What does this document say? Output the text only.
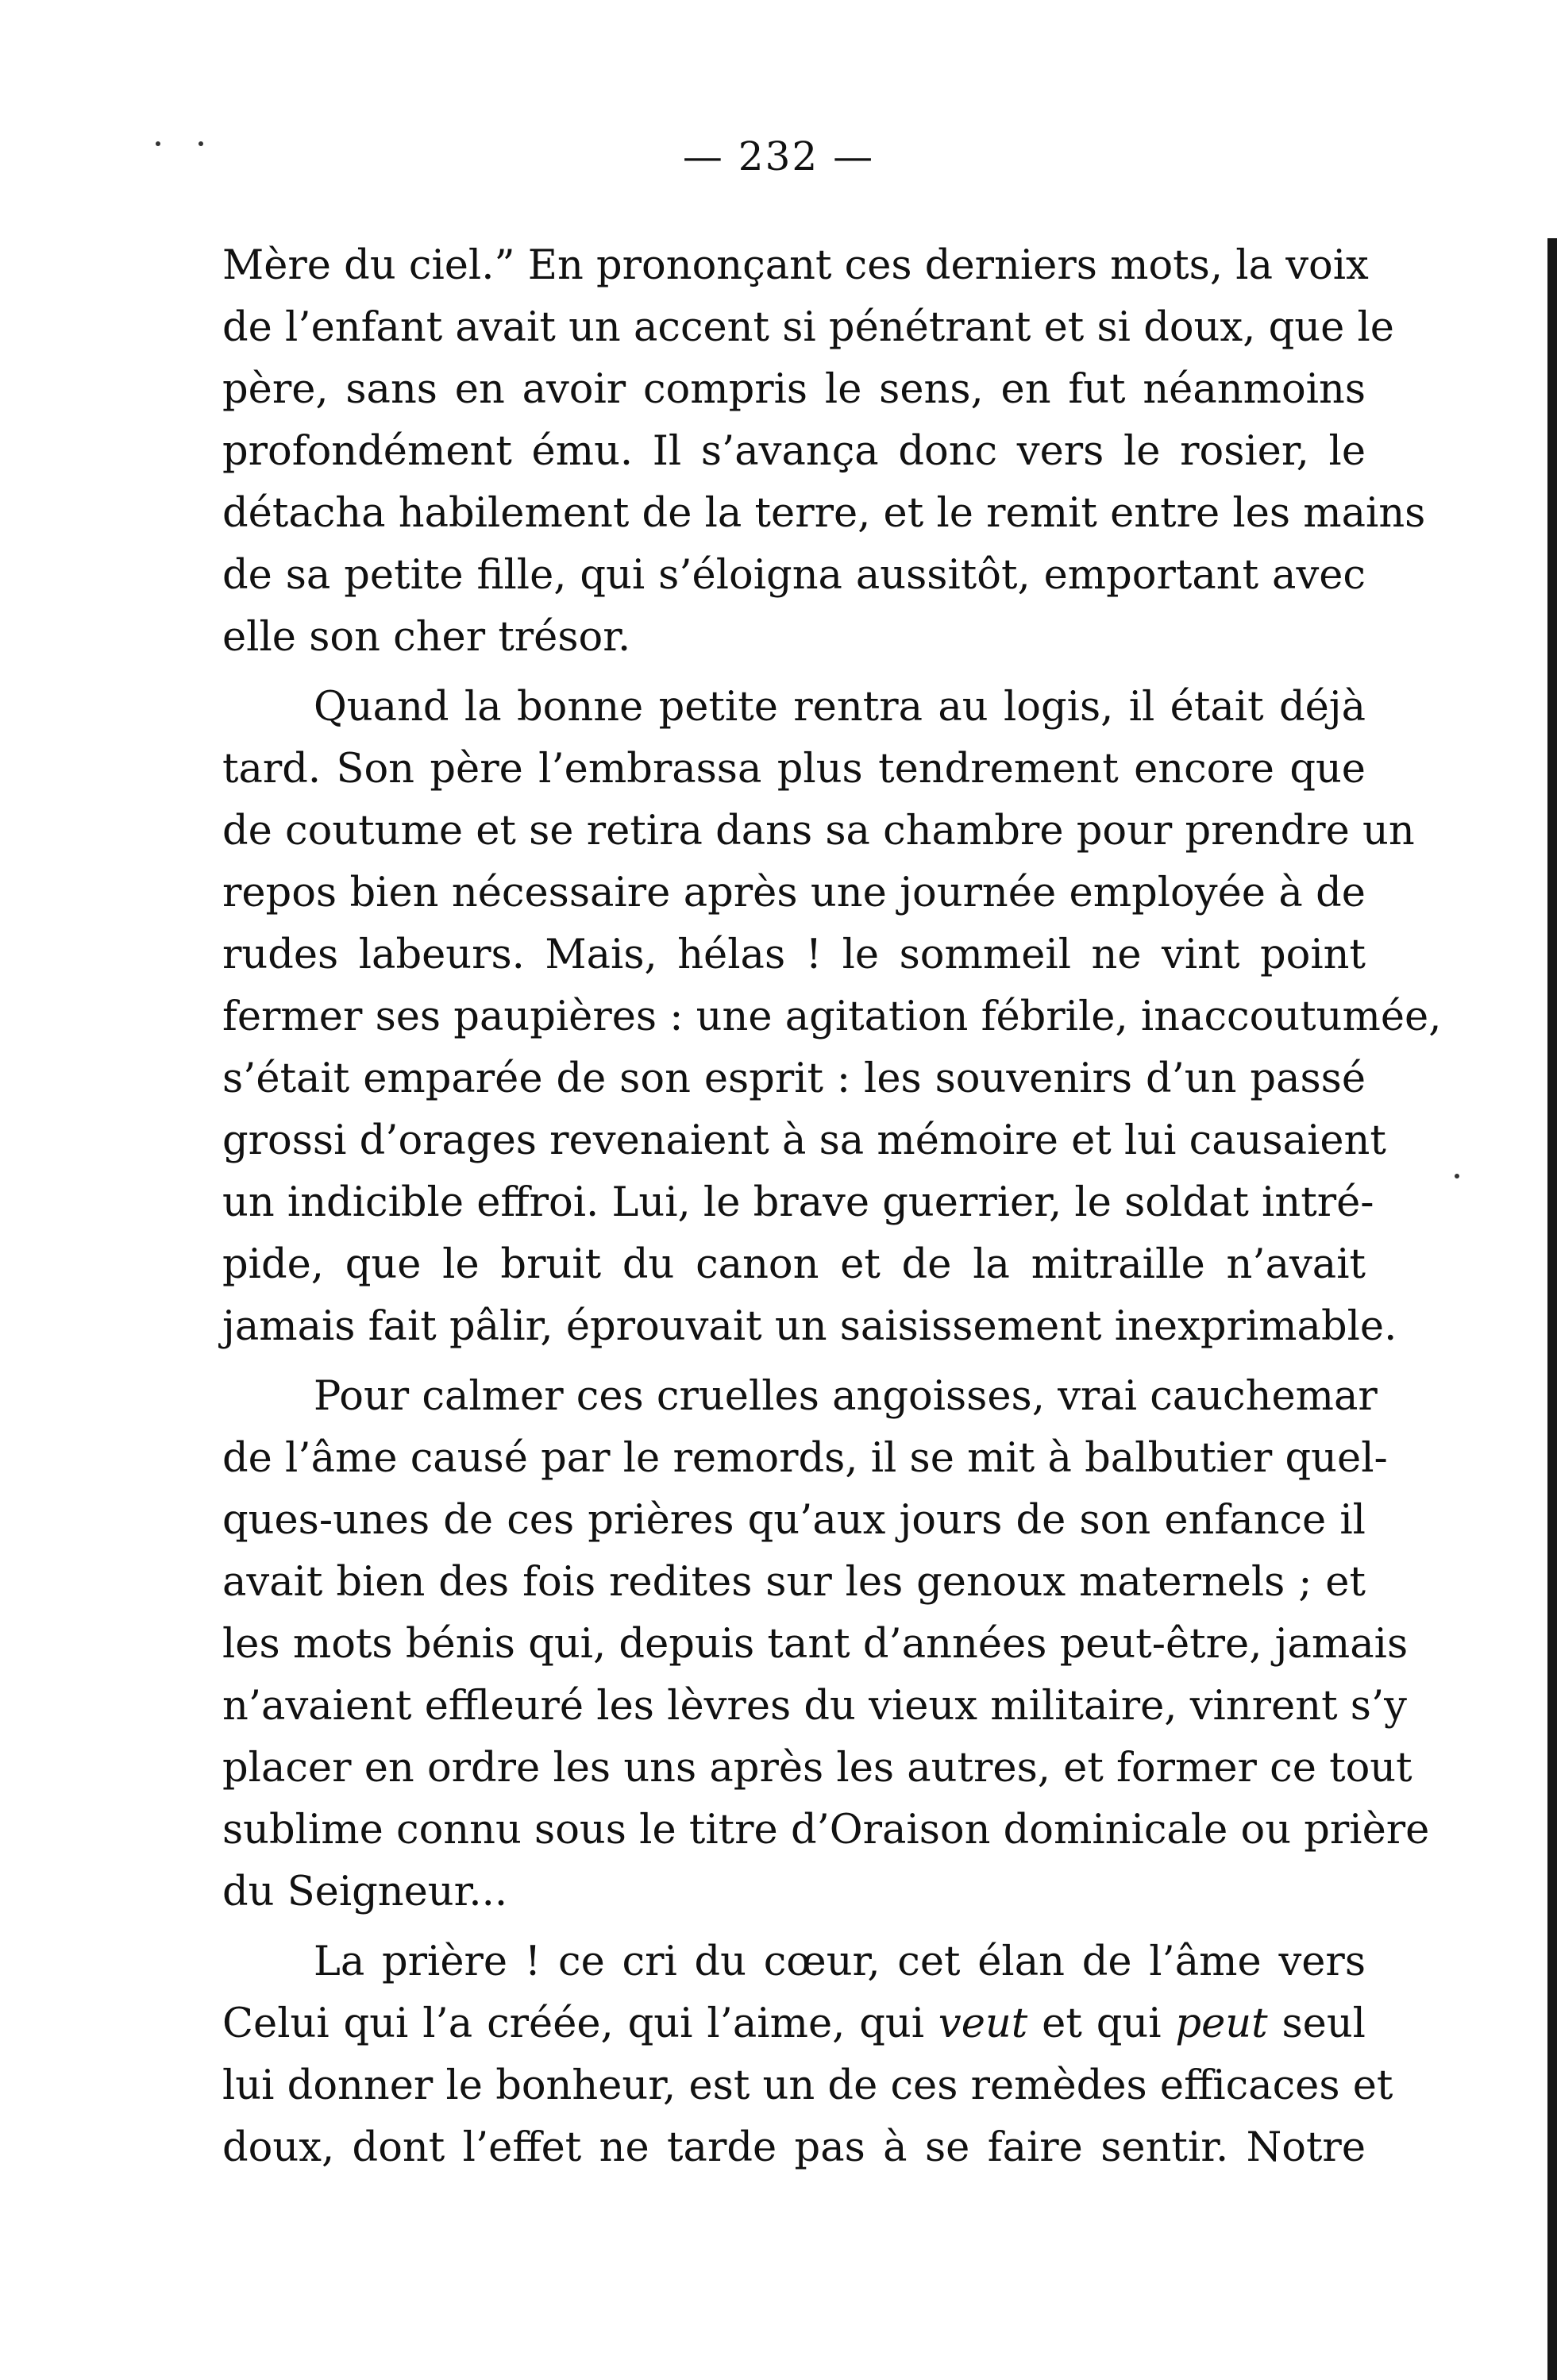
— 232 —
Mère du ciel.” En prononçant ces derniers mots, la voix
de l’enfant avait un accent si pénétrant et si doux, que le
père, sans en avoir compris le sens, en fut néanmoins
profondément ému. Il s’avança donc vers le rosier, le
détacha habilement de la terre, et le remit entre les mains
de sa petite fille, qui s’éloigna aussitôt, emportant avec
elle son cher trésor.
Quand la bonne petite rentra au logis, il était déjà
tard. Son père l’embrassa plus tendrement encore que
de coutume et se retira dans sa chambre pour prendre un
repos bien nécessaire après une journée employée à de
rudes labeurs. Mais, hélas ! le sommeil ne vint point
fermer ses paupières : une agitation fébrile, inaccoutumée,
s’était emparée de son esprit : les souvenirs d’un passé
grossi d’orages revenaient à sa mémoire et lui causaient
un indicible effroi. Lui, le brave guerrier, le soldat intré-
pide, que le bruit du canon et de la mitraille n’avait
jamais fait pâlir, éprouvait un saisissement inexprimable.
Pour calmer ces cruelles angoisses, vrai cauchemar
de l’âme causé par le remords, il se mit à balbutier quel-
ques-unes de ces prières qu’aux jours de son enfance il
avait bien des fois redites sur les genoux maternels ; et
les mots bénis qui, depuis tant d’années peut-être, jamais
n’avaient effleuré les lèvres du vieux militaire, vinrent s’y
placer en ordre les uns après les autres, et former ce tout
sublime connu sous le titre d’Oraison dominicale ou prière
du Seigneur...
La prière ! ce cri du cœur, cet élan de l’âme vers
Celui qui l’a créée, qui l’aime, qui veut et qui peut seul
lui donner le bonheur, est un de ces remèdes efficaces et
doux, dont l’effet ne tarde pas à se faire sentir. Notre
